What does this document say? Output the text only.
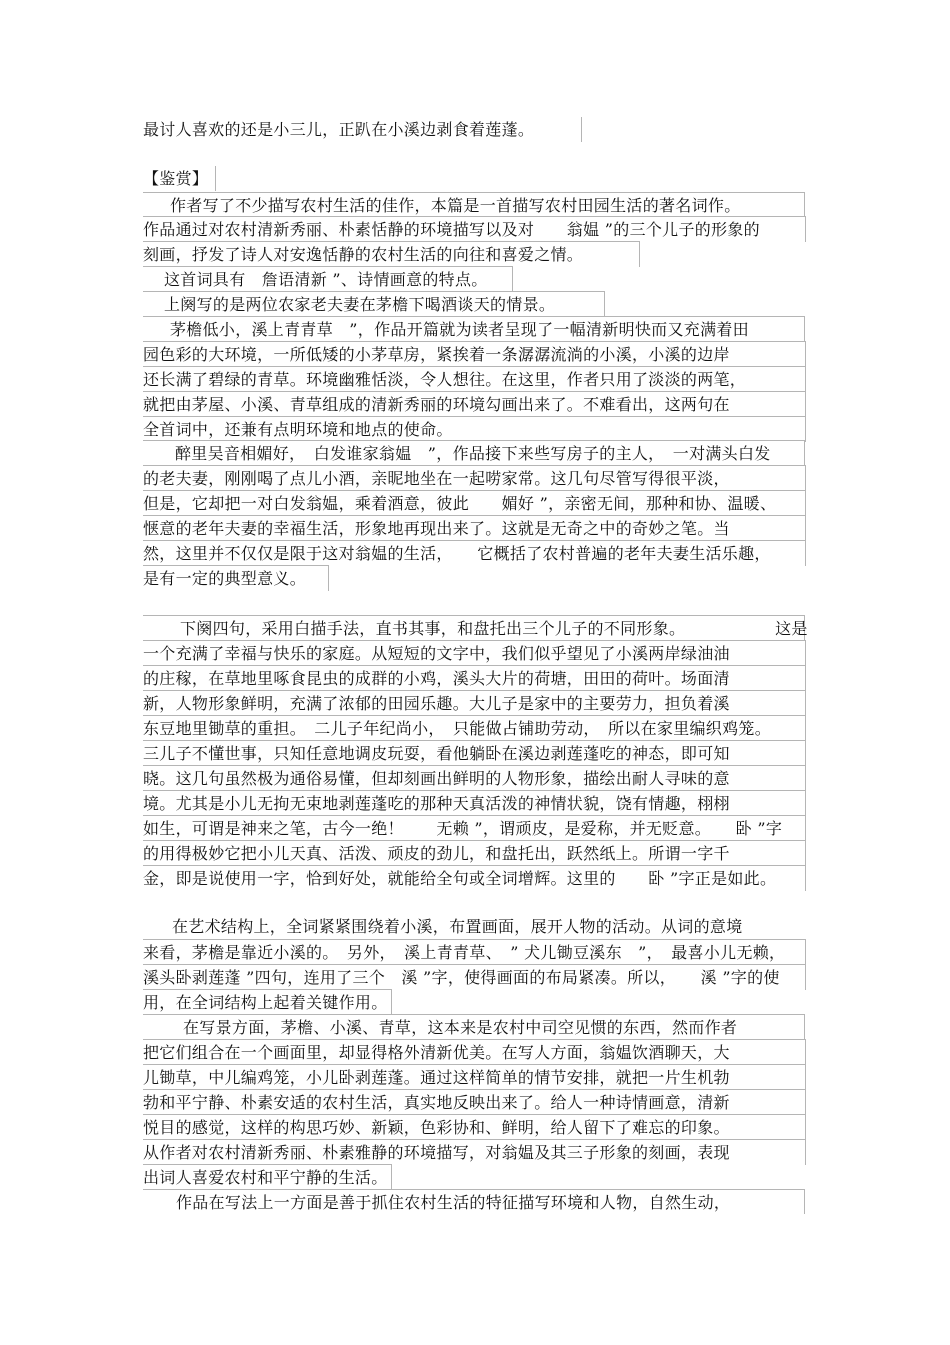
最讨人喜欢的还是小三儿，正趴在小溪边剥食着莲蓬。
【鉴赏】
作者写了不少描写农村生活的佳作，本篇是一首描写农村田园生活的著名词作。
作品通过对农村清新秀丽、朴素恬静的环境描写以及对　　翁媪 ”的三个儿子的形象的
刻画，抒发了诗人对安逸恬静的农村生活的向往和喜爱之情。
这首词具有　詹语清新 ”、诗情画意的特点。
上阕写的是两位农家老夫妻在茅檐下喝酒谈天的情景。
茅檐低小，溪上青青草　”，作品开篇就为读者呈现了一幅清新明快而又充满着田
园色彩的大环境，一所低矮的小茅草房，紧挨着一条潺潺流淌的小溪，小溪的边岸
还长满了碧绿的青草。环境幽雅恬淡，令人想往。在这里，作者只用了淡淡的两笔，
就把由茅屋、小溪、青草组成的清新秀丽的环境勾画出来了。不难看出，这两句在
全首词中，还兼有点明环境和地点的使命。
醉里吴音相媚好，　白发谁家翁媪　”，作品接下来些写房子的主人，　一对满头白发
的老夫妻，刚刚喝了点儿小酒，亲昵地坐在一起唠家常。这几句尽管写得很平淡，
但是，它却把一对白发翁媪，乘着酒意，彼此　　媚好 ”，亲密无间，那种和协、温暖、
惬意的老年夫妻的幸福生活，形象地再现出来了。这就是无奇之中的奇妙之笔。当
然，这里并不仅仅是限于这对翁媪的生活，　　它概括了农村普遍的老年夫妻生活乐趣，
是有一定的典型意义。
下阕四句，采用白描手法，直书其事，和盘托出三个儿子的不同形象。　　　　　　这是
一个充满了幸福与快乐的家庭。从短短的文字中，我们似乎望见了小溪两岸绿油油
的庄稼，在草地里啄食昆虫的成群的小鸡，溪头大片的荷塘，田田的荷叶。场面清
新，人物形象鲜明，充满了浓郁的田园乐趣。大儿子是家中的主要劳力，担负着溪
东豆地里锄草的重担。　二儿子年纪尚小，　只能做占铺助劳动，　所以在家里编织鸡笼。
三儿子不懂世事，只知任意地调皮玩耍，看他躺卧在溪边剥莲蓬吃的神态，即可知
晓。这几句虽然极为通俗易懂，但却刻画出鲜明的人物形象，描绘出耐人寻味的意
境。尤其是小儿无拘无束地剥莲蓬吃的那种天真活泼的神情状貌，饶有情趣，栩栩
如生，可谓是神来之笔，古今一绝！　　无赖 ”，谓顽皮，是爱称，并无贬意。　　卧 ”字
的用得极妙它把小儿天真、活泼、顽皮的劲儿，和盘托出，跃然纸上。所谓一字千
金，即是说使用一字，恰到好处，就能给全句或全词增辉。这里的　　卧 ”字正是如此。
在艺术结构上，全词紧紧围绕着小溪，布置画面，展开人物的活动。从词的意境
来看，茅檐是靠近小溪的。　另外，　溪上青青草、　” 犬儿锄豆溪东　”，　最喜小儿无赖，
溪头卧剥莲蓬 ”四句，连用了三个　溪 ”字，使得画面的布局紧凑。所以，　　溪 ”字的使
用，在全词结构上起着关键作用。
在写景方面，茅檐、小溪、青草，这本来是农村中司空见惯的东西，然而作者
把它们组合在一个画面里，却显得格外清新优美。在写人方面，翁媪饮酒聊天，大
儿锄草，中儿编鸡笼，小儿卧剥莲蓬。通过这样简单的情节安排，就把一片生机勃
勃和平宁静、朴素安适的农村生活，真实地反映出来了。给人一种诗情画意，清新
悦目的感觉，这样的构思巧妙、新颖，色彩协和、鲜明，给人留下了难忘的印象。
从作者对农村清新秀丽、朴素雅静的环境描写，对翁媪及其三子形象的刻画，表现
出词人喜爱农村和平宁静的生活。
作品在写法上一方面是善于抓住农村生活的特征描写环境和人物，自然生动，
